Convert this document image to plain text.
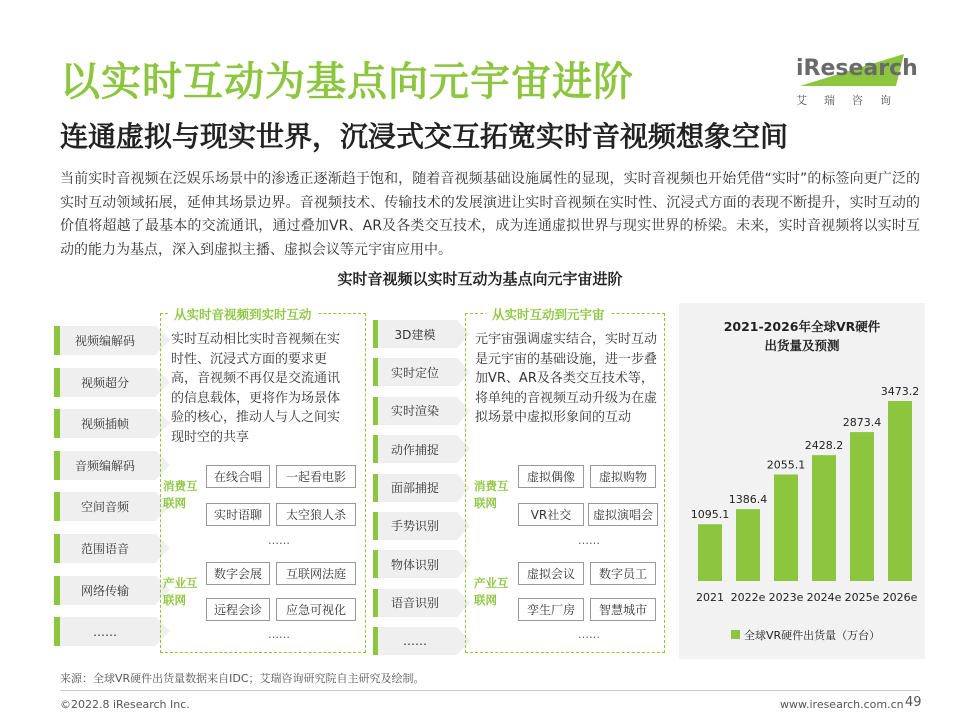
以实时互动为基点向元宇宙进阶
连通虚拟与现实世界，沉浸式交互拓宽实时音视频想象空间
iResearch
艾瑞咨询
当前实时音视频在泛娱乐场景中的渗透正逐渐趋于饱和，随着音视频基础设施属性的显现，实时音视频也开始凭借“实时”的标签向更广泛的实时互动领域拓展，延伸其场景边界。音视频技术、传输技术的发展演进让实时音视频在实时性、沉浸式方面的表现不断提升，实时互动的价值将超越了最基本的交流通讯，通过叠加VR、AR及各类交互技术，成为连通虚拟世界与现实世界的桥梁。未来，实时音视频将以实时互动的能力为基点，深入到虚拟主播、虚拟会议等元宇宙应用中。
实时音视频以实时互动为基点向元宇宙进阶
视频编解码
视频超分
视频插帧
音频编解码
空间音频
范围语音
网络传输
……
从实时音视频到实时互动
实时互动相比实时音视频在实时性、沉浸式方面的要求更高，音视频不再仅是交流通讯的信息载体，更将作为场景体验的核心，推动人与人之间实现时空的共享
消费互联网
在线合唱	一起看电影
实时语聊	太空狼人杀
……
产业互联网
数字会展	互联网法庭
远程会诊	应急可视化
……
3D建模
实时定位
实时渲染
动作捕捉
面部捕捉
手势识别
物体识别
语音识别
……
从实时互动到元宇宙
元宇宙强调虚实结合，实时互动是元宇宙的基础设施，进一步叠加VR、AR及各类交互技术等，将单纯的音视频互动升级为在虚拟场景中虚拟形象间的互动
消费互联网
虚拟偶像	虚拟购物
VR社交	虚拟演唱会
……
产业互联网
虚拟会议	数字员工
孪生厂房	智慧城市
……
2021-2026年全球VR硬件出货量及预测
1095.1
2021
1386.4
2022e
2055.1
2023e
2428.2
2024e
2873.4
2025e
3473.2
2026e
全球VR硬件出货量（万台）
来源：全球VR硬件出货量数据来自IDC；艾瑞咨询研究院自主研究及绘制。
©2022.8 iResearch Inc.	www.iresearch.com.cn 49
